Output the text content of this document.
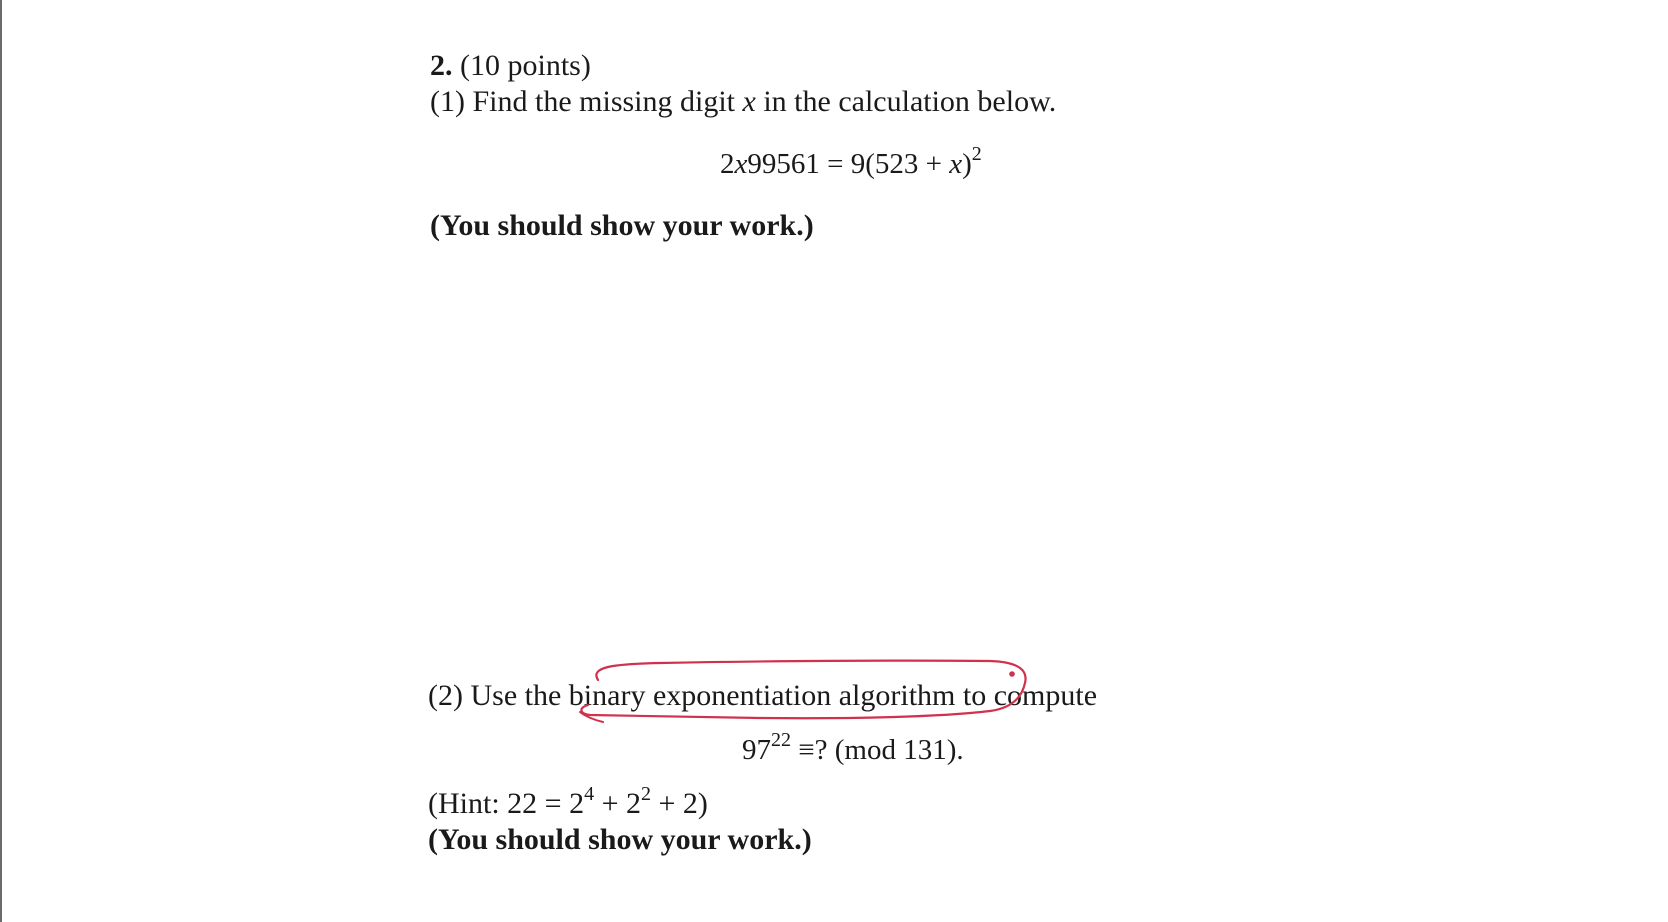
2. (10 points)
(1) Find the missing digit x in the calculation below.
$2x99561 = 9(523 + x)^2$
(You should show your work.)
(2) Use the binary exponentiation algorithm to compute
$97^{22}$ ≡? (mod 131).
(Hint: $22 = 2^4 + 2^2 + 2$)
(You should show your work.)
